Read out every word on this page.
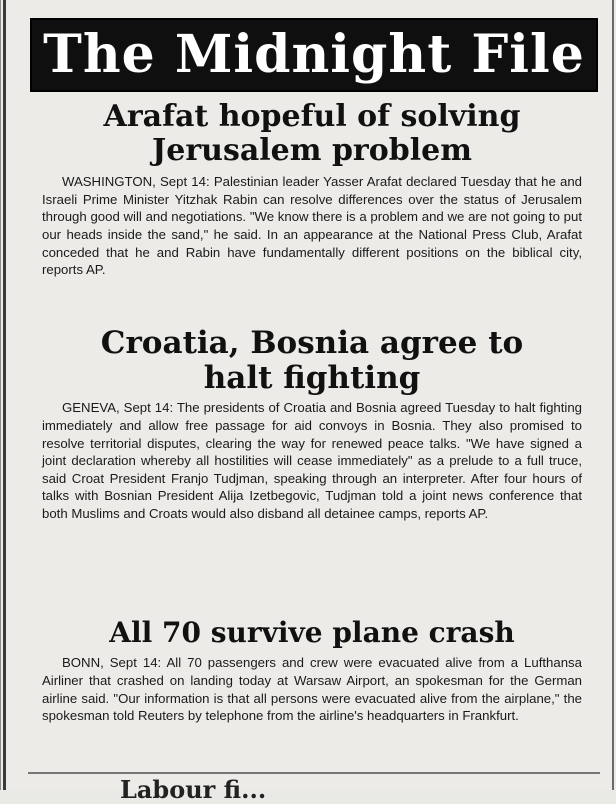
The Midnight File
Arafat hopeful of solving
Jerusalem problem

WASHINGTON, Sept 14: Palestinian leader Yasser Arafat declared Tuesday that he and Israeli Prime Minister Yitzhak Rabin can resolve differences over the status of Jerusalem through good will and negotiations. "We know there is a problem and we are not going to put our heads inside the sand," he said. In an appearance at the National Press Club, Arafat conceded that he and Rabin have fundamentally different positions on the biblical city, reports AP.

Croatia, Bosnia agree to
halt fighting

GENEVA, Sept 14: The presidents of Croatia and Bosnia agreed Tuesday to halt fighting immediately and allow free passage for aid convoys in Bosnia. They also promised to resolve territorial disputes, clearing the way for renewed peace talks. "We have signed a joint declaration whereby all hostilities will cease immediately" as a prelude to a full truce, said Croat President Franjo Tudjman, speaking through an interpreter. After four hours of talks with Bosnian President Alija Izetbegovic, Tudjman told a joint news conference that both Muslims and Croats would also disband all detainee camps, reports AP.

All 70 survive plane crash

BONN, Sept 14: All 70 passengers and crew were evacuated alive from a Lufthansa Airliner that crashed on landing today at Warsaw Airport, an spokesman for the German airline said. "Our information is that all persons were evacuated alive from the airplane," the spokesman told Reuters by telephone from the airline's headquarters in Frankfurt.

Labour fi...
